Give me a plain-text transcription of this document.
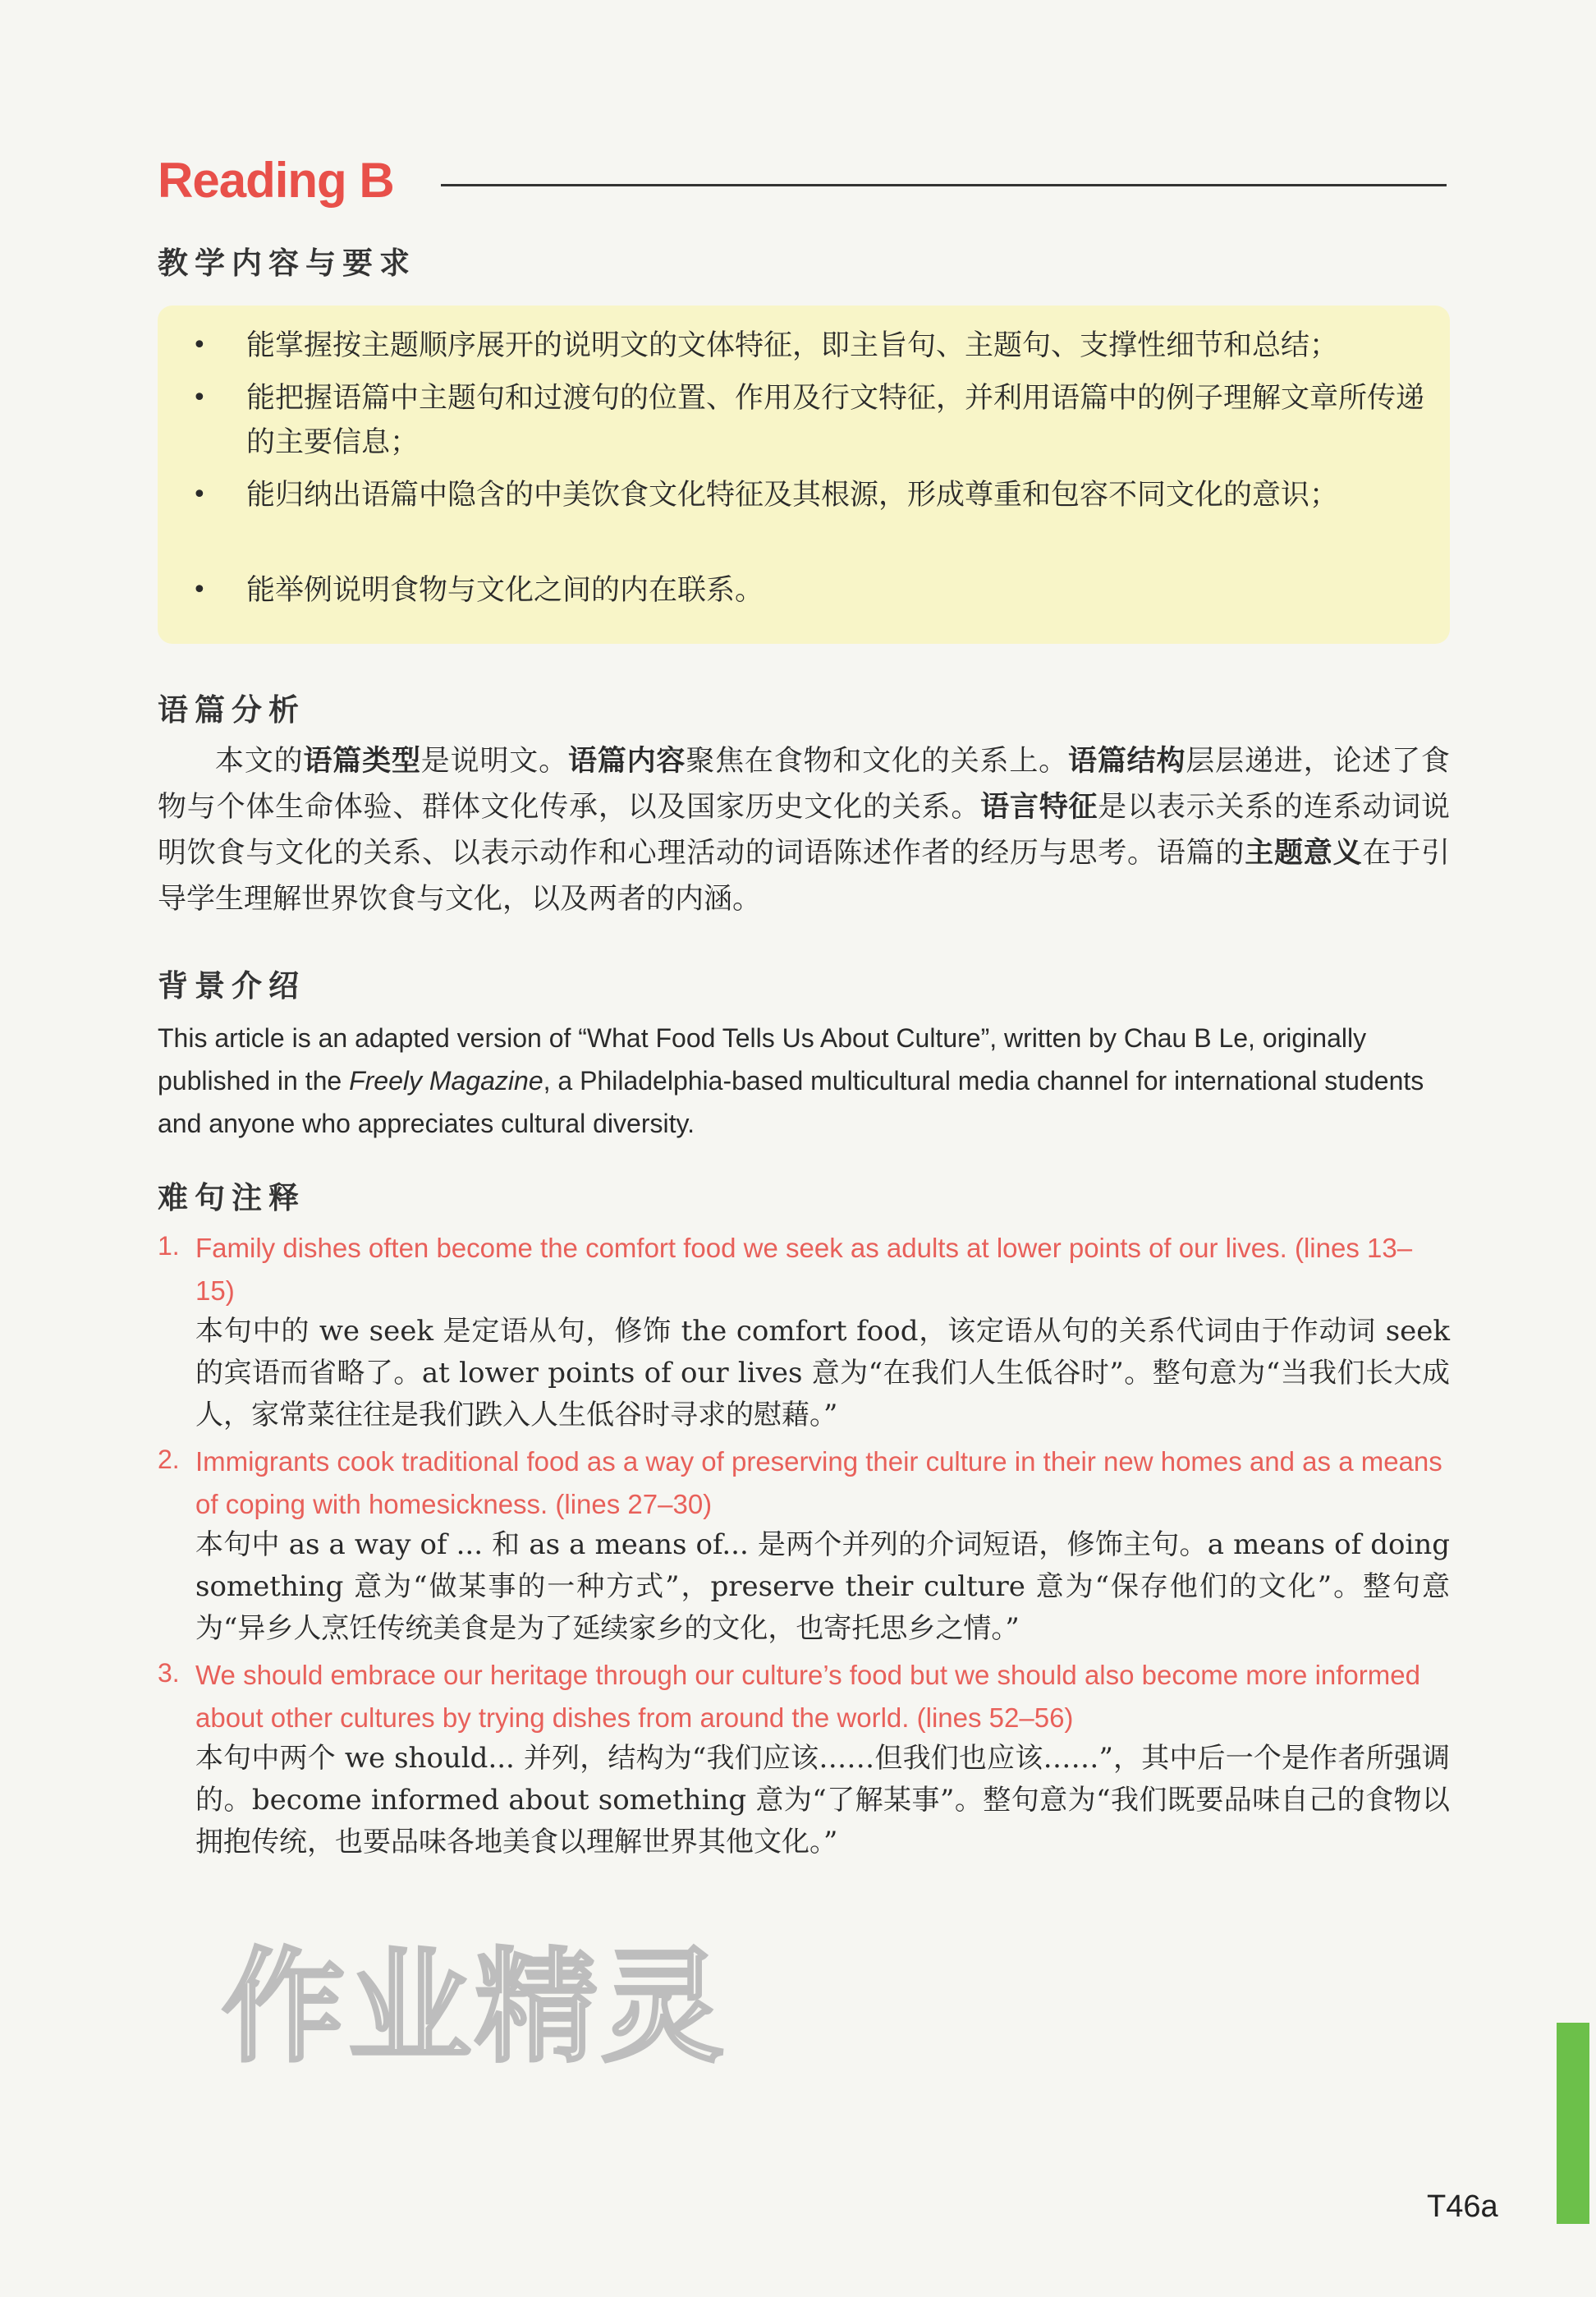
Reading B
教学内容与要求
• 能掌握按主题顺序展开的说明文的文体特征，即主旨句、主题句、支撑性细节和总结；
• 能把握语篇中主题句和过渡句的位置、作用及行文特征，并利用语篇中的例子理解文章所传递的主要信息；
• 能归纳出语篇中隐含的中美饮食文化特征及其根源，形成尊重和包容不同文化的意识；
• 能举例说明食物与文化之间的内在联系。
语篇分析
本文的语篇类型是说明文。语篇内容聚焦在食物和文化的关系上。语篇结构层层递进，论述了食物与个体生命体验、群体文化传承，以及国家历史文化的关系。语言特征是以表示关系的连系动词说明饮食与文化的关系、以表示动作和心理活动的词语陈述作者的经历与思考。语篇的主题意义在于引导学生理解世界饮食与文化，以及两者的内涵。
背景介绍
This article is an adapted version of “What Food Tells Us About Culture”, written by Chau B Le, originally published in the Freely Magazine, a Philadelphia-based multicultural media channel for international students and anyone who appreciates cultural diversity.
难句注释
1. Family dishes often become the comfort food we seek as adults at lower points of our lives. (lines 13–15)
本句中的 we seek 是定语从句，修饰 the comfort food，该定语从句的关系代词由于作动词 seek 的宾语而省略了。at lower points of our lives 意为“在我们人生低谷时”。整句意为“当我们长大成人，家常菜往往是我们跌入人生低谷时寻求的慰藉。”
2. Immigrants cook traditional food as a way of preserving their culture in their new homes and as a means of coping with homesickness. (lines 27–30)
本句中 as a way of ... 和 as a means of... 是两个并列的介词短语，修饰主句。a means of doing something 意为“做某事的一种方式”，preserve their culture 意为“保存他们的文化”。整句意为“异乡人烹饪传统美食是为了延续家乡的文化，也寄托思乡之情。”
3. We should embrace our heritage through our culture’s food but we should also become more informed about other cultures by trying dishes from around the world. (lines 52–56)
本句中两个 we should... 并列，结构为“我们应该……但我们也应该……”，其中后一个是作者所强调的。become informed about something 意为“了解某事”。整句意为“我们既要品味自己的食物以拥抱传统，也要品味各地美食以理解世界其他文化。”
作业精灵
T46a
